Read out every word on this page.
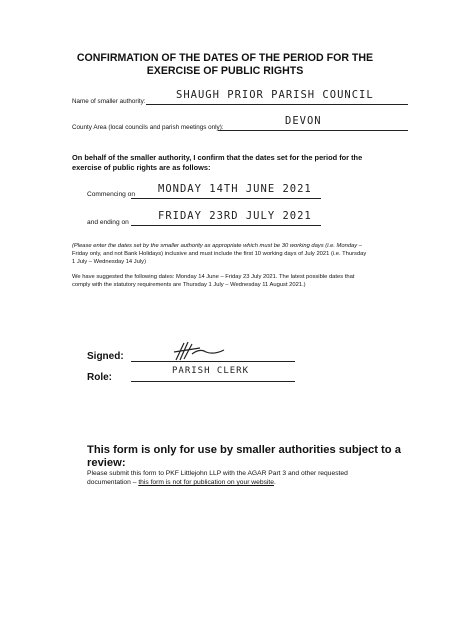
CONFIRMATION OF THE DATES OF THE PERIOD FOR THE
EXERCISE OF PUBLIC RIGHTS
Name of smaller authority:
SHAUGH PRIOR PARISH COUNCIL
County Area (local councils and parish meetings only):
DEVON
On behalf of the smaller authority, I confirm that the dates set for the period for the
exercise of public rights are as follows:
Commencing on MONDAY 14TH JUNE 2021
and ending on
FRIDAY 23RD JULY 2021
(Please enter the dates set by the smaller authority as appropriate which must be 30 working days (i.e. Monday –
Friday only, and not Bank Holidays) inclusive and must include the first 10 working days of July 2021 (i.e. Thursday
1 July – Wednesday 14 July)
We have suggested the following dates: Monday 14 June – Friday 23 July 2021. The latest possible dates that
comply with the statutory requirements are Thursday 1 July – Wednesday 11 August 2021.)
Signed:
Role:
PARISH CLERK
This form is only for use by smaller authorities subject to a
review:
Please submit this form to PKF Littlejohn LLP with the AGAR Part 3 and other requested
documentation – this form is not for publication on your website.
